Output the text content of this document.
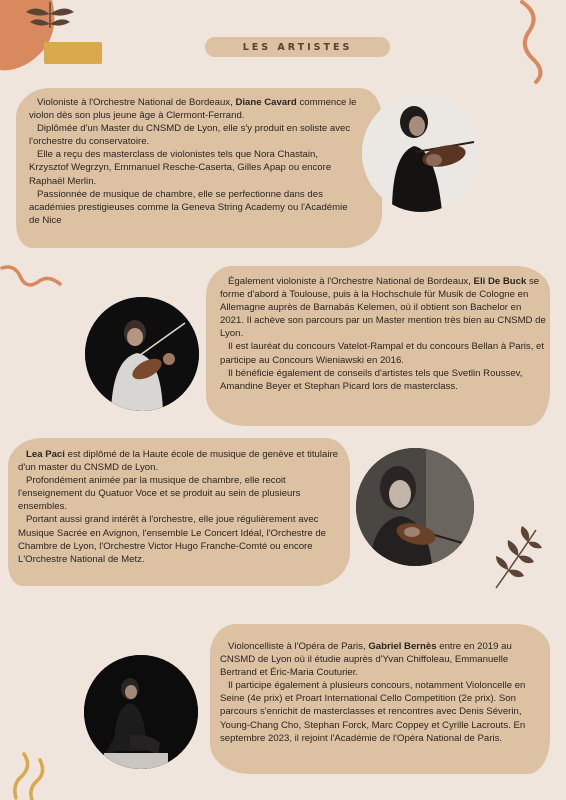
LES ARTISTES

Violoniste à l'Orchestre National de Bordeaux, Diane Cavard commence le violon dès son plus jeune âge à Clermont-Ferrand.

Diplômée d'un Master du CNSMD de Lyon, elle s'y produit en soliste avec l'orchestre du conservatoire.

Elle a reçu des masterclass de violonistes tels que Nora Chastain, Krzysztof Wegrzyn, Emmanuel Resche-Caserta, Gilles Apap ou encore Raphaël Merlin.

Passionnée de musique de chambre, elle se perfectionne dans des académies prestigieuses comme la Geneva String Academy ou l'Académie de Nice

Également violoniste à l'Orchestre National de Bordeaux, Eli De Buck se forme d'abord à Toulouse, puis à la Hochschule für Musik de Cologne en Allemagne auprès de Barnabás Kelemen, où il obtient son Bachelor en 2021. Il achève son parcours par un Master mention très bien au CNSMD de Lyon.

Il est lauréat du concours Vatelot-Rampal et du concours Bellan à Paris, et participe au Concours Wieniawski en 2016.

Il bénéficie également de conseils d'artistes tels que Svetlin Roussev, Amandine Beyer et Stephan Picard lors de masterclass.

Lea Paci est diplômé de la Haute école de musique de genève et titulaire d'un master du CNSMD de Lyon.

Profondément animée par la musique de chambre, elle recoit l'enseignement du Quatuor Voce et se produit au sein de plusieurs ensembles.

Portant aussi grand intérêt à l'orchestre, elle joue régulièrement avec Musique Sacrée en Avignon, l'ensemble Le Concert Idéal, l'Orchestre de Chambre de Lyon, l'Orchestre Victor Hugo Franche-Comté ou encore L'Orchestre National de Metz.

Violoncelliste à l'Opéra de Paris, Gabriel Bernès entre en 2019 au CNSMD de Lyon où il étudie auprès d'Yvan Chiffoleau, Emmanuelle Bertrand et Éric-Maria Couturier.

Il participe également à plusieurs concours, notamment Violoncelle en Seine (4e prix) et Proart International Cello Competition (2e prix). Son parcours s'enrichit de masterclasses et rencontres avec Denis Séverin, Young-Chang Cho, Stephan Forck, Marc Coppey et Cyrille Lacrouts. En septembre 2023, il rejoint l'Académie de l'Opéra National de Paris.
